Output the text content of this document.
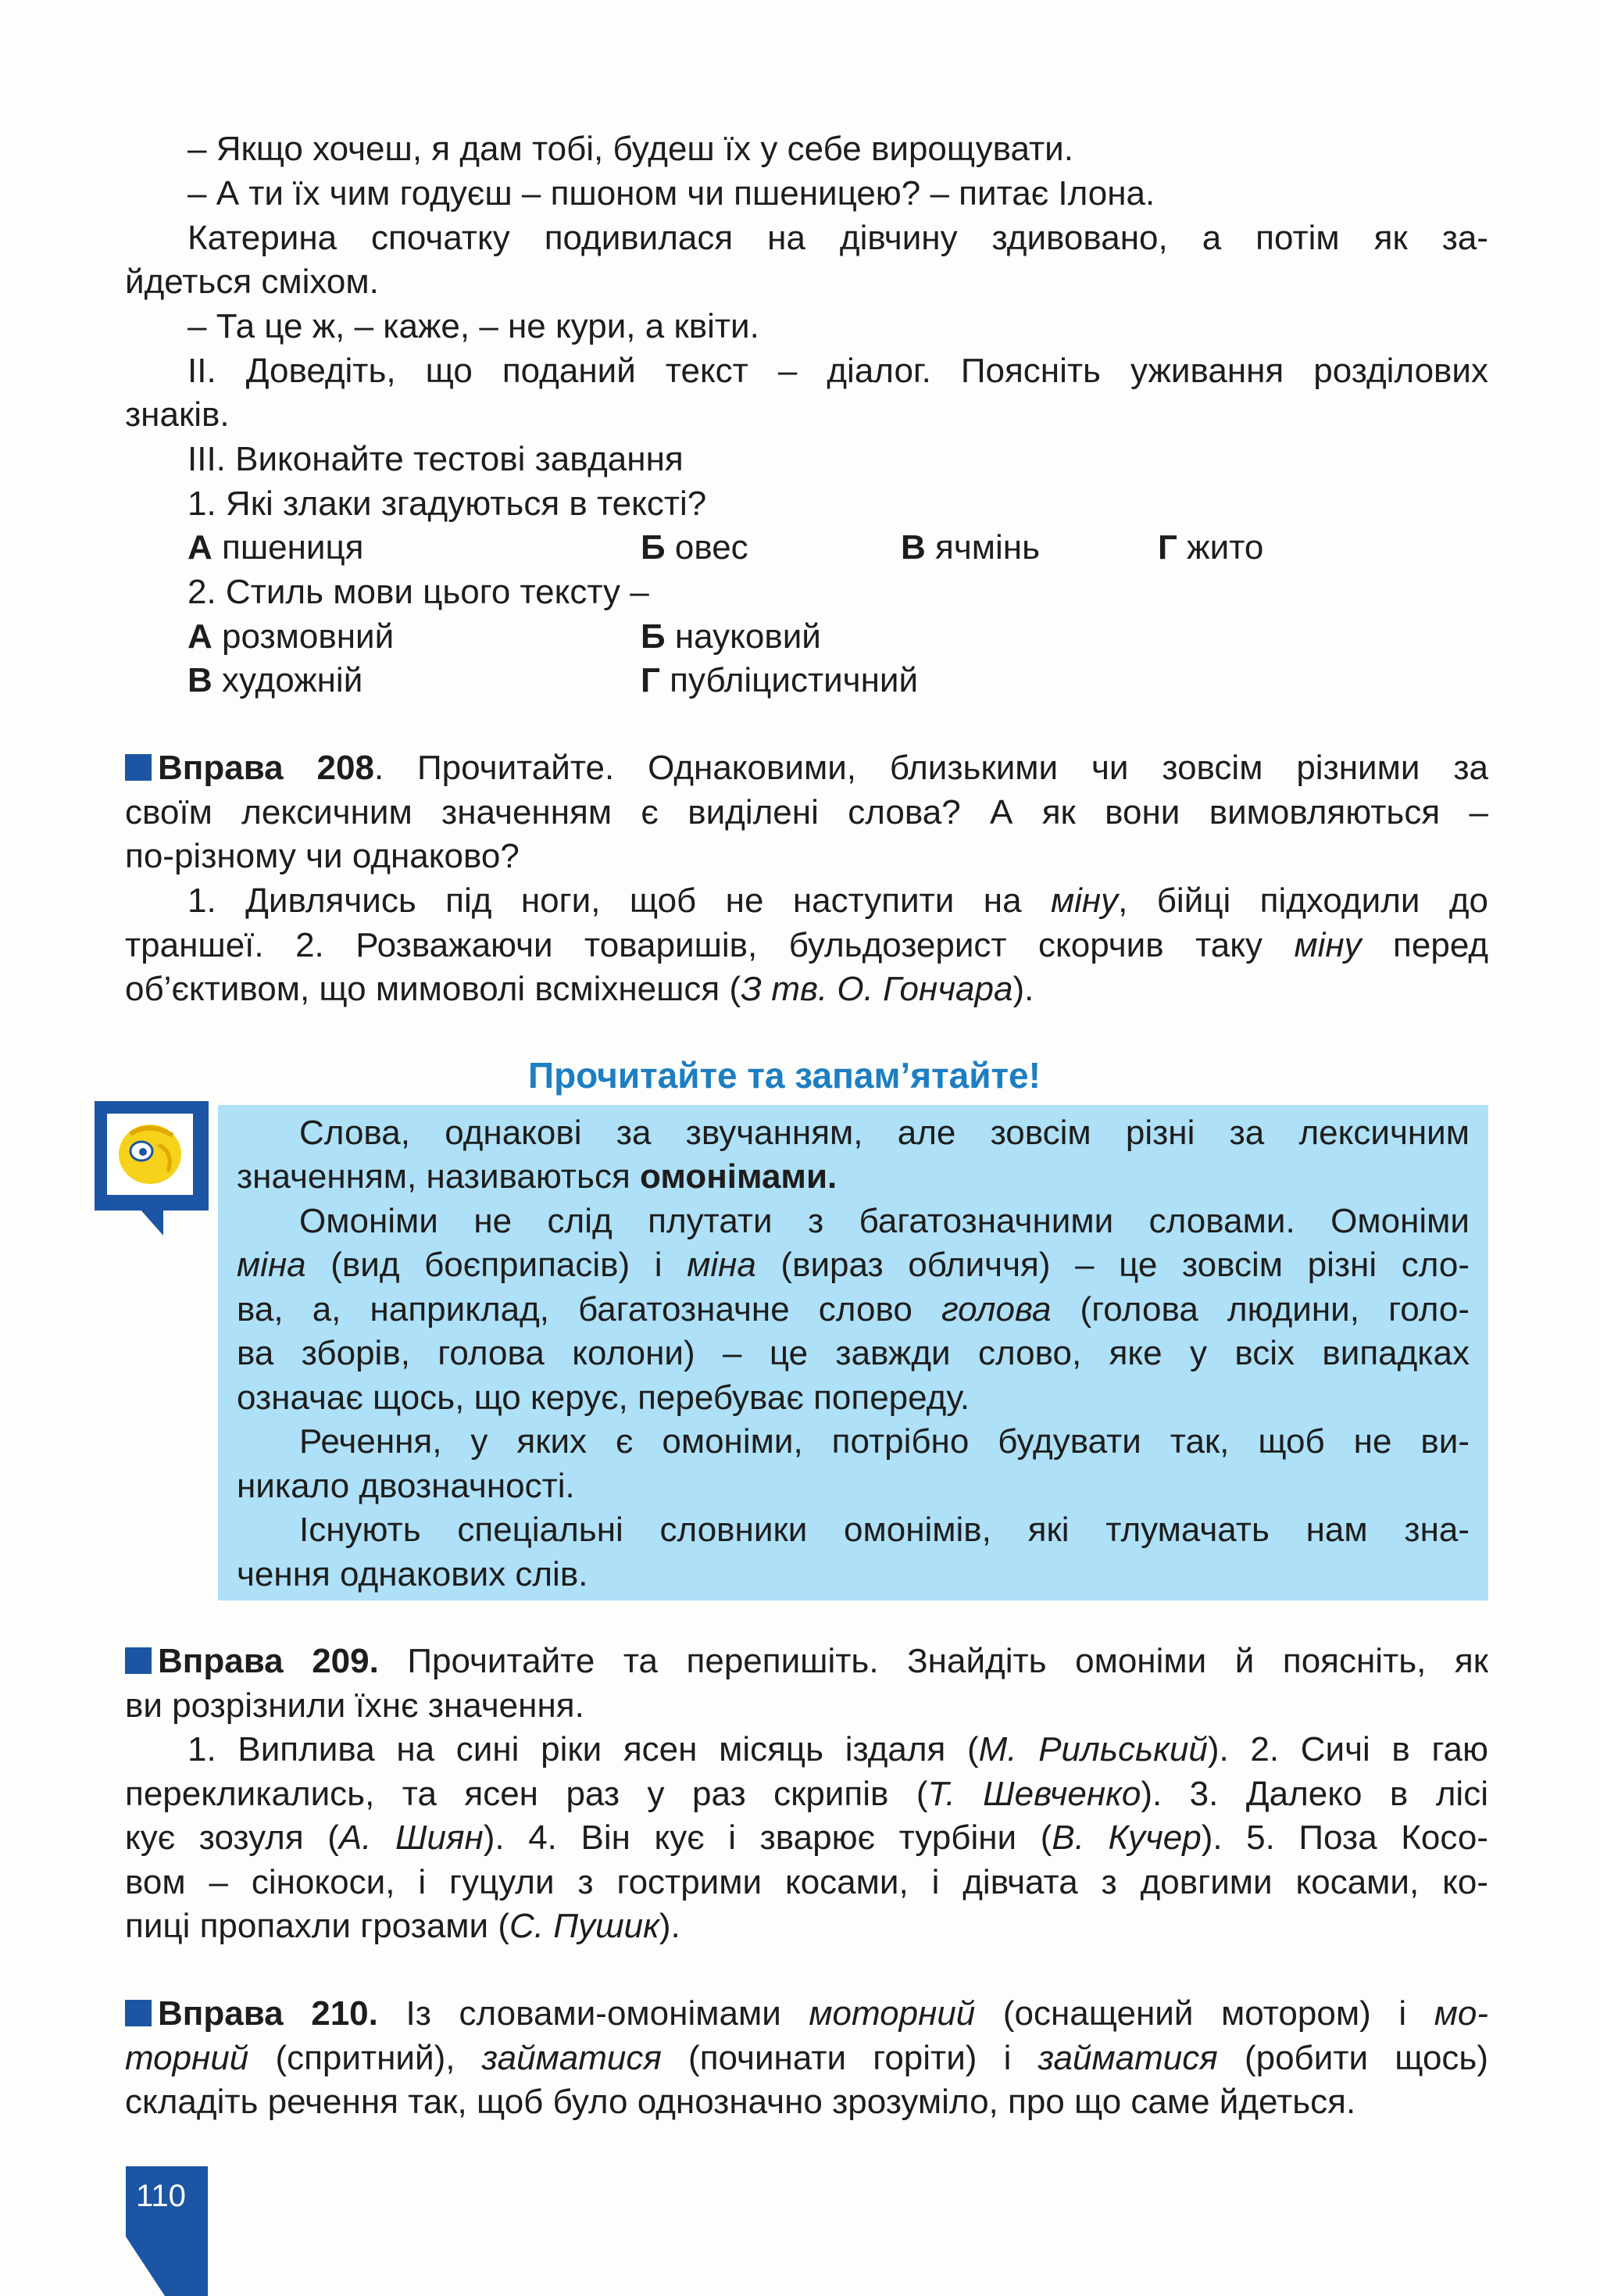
– Якщо хочеш, я дам тобі, будеш їх у себе вирощувати.
– А ти їх чим годуєш – пшоном чи пшеницею? – питає Ілона.
Катерина спочатку подивилася на дівчину здивовано, а потім як за-
йдеться сміхом.
– Та це ж, – каже, – не кури, а квіти.
ІІ. Доведіть, що поданий текст – діалог. Поясніть уживання розділових
знаків.
ІІІ. Виконайте тестові завдання
1. Які злаки згадуються в тексті?
А пшениця	Б овес	В ячмінь	Г жито
2. Стиль мови цього тексту –
А розмовний	Б науковий
В художній	Г публіцистичний
Вправа 208. Прочитайте. Однаковими, близькими чи зовсім різними за
своїм лексичним значенням є виділені слова? А як вони вимовляються –
по-різному чи однаково?
1. Дивлячись під ноги, щоб не наступити на міну, бійці підходили до
траншеї. 2. Розважаючи товаришів, бульдозерист скорчив таку міну перед
об’єктивом, що мимоволі всміхнешся (З тв. О. Гончара).
Прочитайте та запам’ятайте!
Слова, однакові за звучанням, але зовсім різні за лексичним
значенням, називаються омонімами.
Омоніми не слід плутати з багатозначними словами. Омоніми
міна (вид боєприпасів) і міна (вираз обличчя) – це зовсім різні сло-
ва, а, наприклад, багатозначне слово голова (голова людини, голо-
ва зборів, голова колони) – це завжди слово, яке у всіх випадках
означає щось, що керує, перебуває попереду.
Речення, у яких є омоніми, потрібно будувати так, щоб не ви-
никало двозначності.
Існують спеціальні словники омонімів, які тлумачать нам зна-
чення однакових слів.
Вправа 209. Прочитайте та перепишіть. Знайдіть омоніми й поясніть, як
ви розрізнили їхнє значення.
1. Виплива на сині ріки ясен місяць іздаля (М. Рильський). 2. Сичі в гаю
перекликались, та ясен раз у раз скрипів (Т. Шевченко). 3. Далеко в лісі
кує зозуля (А. Шиян). 4. Він кує і зварює турбіни (В. Кучер). 5. Поза Косо-
вом – сінокоси, і гуцули з гострими косами, і дівчата з довгими косами, ко-
пиці пропахли грозами (С. Пушик).
Вправа 210. Із словами-омонімами моторний (оснащений мотором) і мо-
торний (спритний), займатися (починати горіти) і займатися (робити щось)
складіть речення так, щоб було однозначно зрозуміло, про що саме йдеться.
110
